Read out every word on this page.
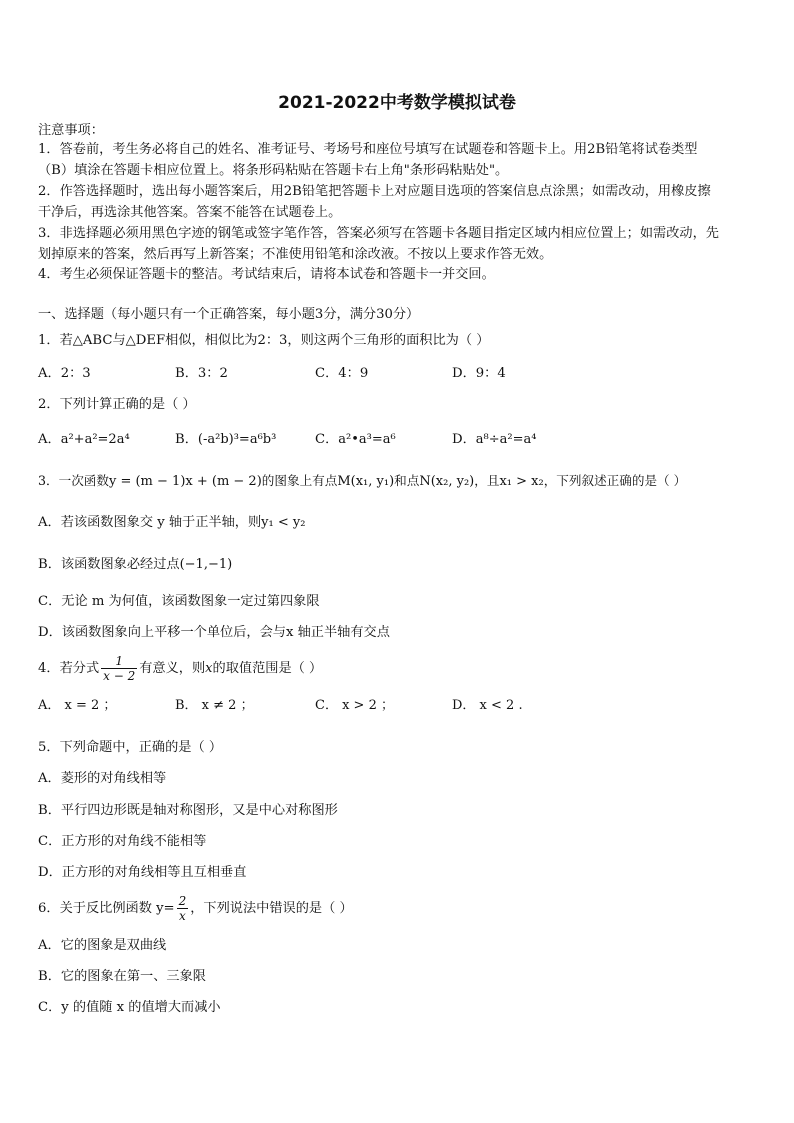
2021-2022中考数学模拟试卷
注意事项：
1．答卷前，考生务必将自己的姓名、准考证号、考场号和座位号填写在试题卷和答题卡上。用2B铅笔将试卷类型
（B）填涂在答题卡相应位置上。将条形码粘贴在答题卡右上角"条形码粘贴处"。
2．作答选择题时，选出每小题答案后，用2B铅笔把答题卡上对应题目选项的答案信息点涂黑；如需改动，用橡皮擦
干净后，再选涂其他答案。答案不能答在试题卷上。
3．非选择题必须用黑色字迹的钢笔或签字笔作答，答案必须写在答题卡各题目指定区域内相应位置上；如需改动，先
划掉原来的答案，然后再写上新答案；不准使用铅笔和涂改液。不按以上要求作答无效。
4．考生必须保证答题卡的整洁。考试结束后，请将本试卷和答题卡一并交回。
一、选择题（每小题只有一个正确答案，每小题3分，满分30分）
1．若△ABC与△DEF相似，相似比为2：3，则这两个三角形的面积比为（ ）
A．2：3	B．3：2	C．4：9	D．9：4
2．下列计算正确的是（ ）
A．a²+a²=2a⁴	B．(-a²b)³=a⁶b³	C．a²•a³=a⁶	D．a⁸÷a²=a⁴
3．一次函数y = (m − 1)x + (m − 2)的图象上有点M(x₁, y₁)和点N(x₂, y₂)，且x₁ > x₂，下列叙述正确的是（ ）
A．若该函数图象交 y 轴于正半轴，则y₁ < y₂
B．该函数图象必经过点(−1,−1)
C．无论 m 为何值，该函数图象一定过第四象限
D．该函数图象向上平移一个单位后，会与x 轴正半轴有交点
4．若分式 $\frac{1}{x - 2}$ 有意义，则x的取值范围是（ ）
A． x = 2 ；	B． x ≠ 2 ；	C． x > 2 ；	D． x < 2 .
5．下列命题中，正确的是（ ）
A．菱形的对角线相等
B．平行四边形既是轴对称图形，又是中心对称图形
C．正方形的对角线不能相等
D．正方形的对角线相等且互相垂直
6．关于反比例函数 $y= \frac{2}{x}$ ，下列说法中错误的是（ ）
A．它的图象是双曲线
B．它的图象在第一、三象限
C．y 的值随 x 的值增大而减小
